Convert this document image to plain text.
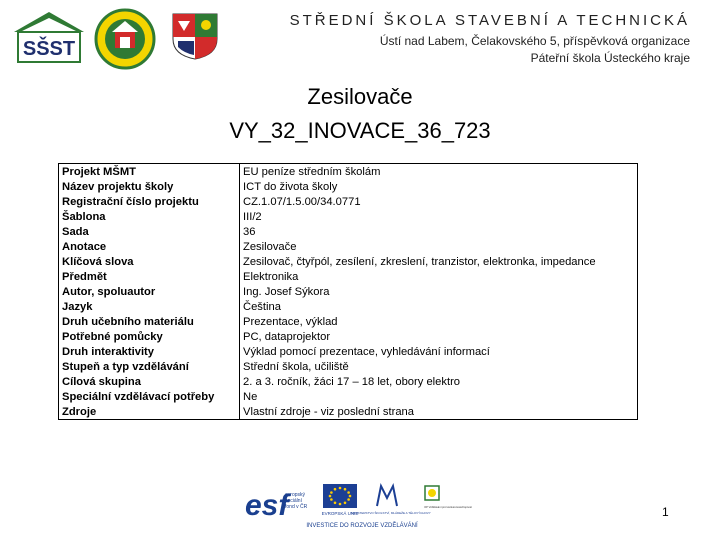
SŠST
STŘEDNÍ ŠKOLA STAVEBNÍ A TECHNICKÁ
Ústí nad Labem, Čelakovského 5, příspěvková organizace
Páteřní škola Ústeckého kraje
Zesilovače
VY_32_INOVACE_36_723
Projekt MŠMT	EU peníze středním školám
Název projektu školy	ICT do života školy
Registrační číslo projektu	CZ.1.07/1.5.00/34.0771
Šablona	III/2
Sada	36
Anotace	Zesilovače
Klíčová slova	Zesilovač, čtyřpól, zesílení, zkreslení, tranzistor, elektronka, impedance
Předmět	Elektronika
Autor, spoluautor	Ing. Josef Sýkora
Jazyk	Čeština
Druh učebního materiálu	Prezentace, výklad
Potřebné pomůcky	PC, dataprojektor
Druh interaktivity	Výklad pomocí prezentace, vyhledávání informací
Stupeň a typ vzdělávání	Střední škola, učiliště
Cílová skupina	2. a 3. ročník, žáci 17 – 18 let, obory elektro
Speciální vzdělávací potřeby	Ne
Zdroje	Vlastní zdroje - viz poslední strana
esf
evropský
sociální
fond v ČR
EVROPSKÁ UNIE
MINISTERSTVO ŠKOLSTVÍ, MLÁDEŽE A TĚLOVÝCHOVY
OP Vzdělávání pro konkurenceschopnost
INVESTICE DO ROZVOJE VZDĚLÁVÁNÍ
1
